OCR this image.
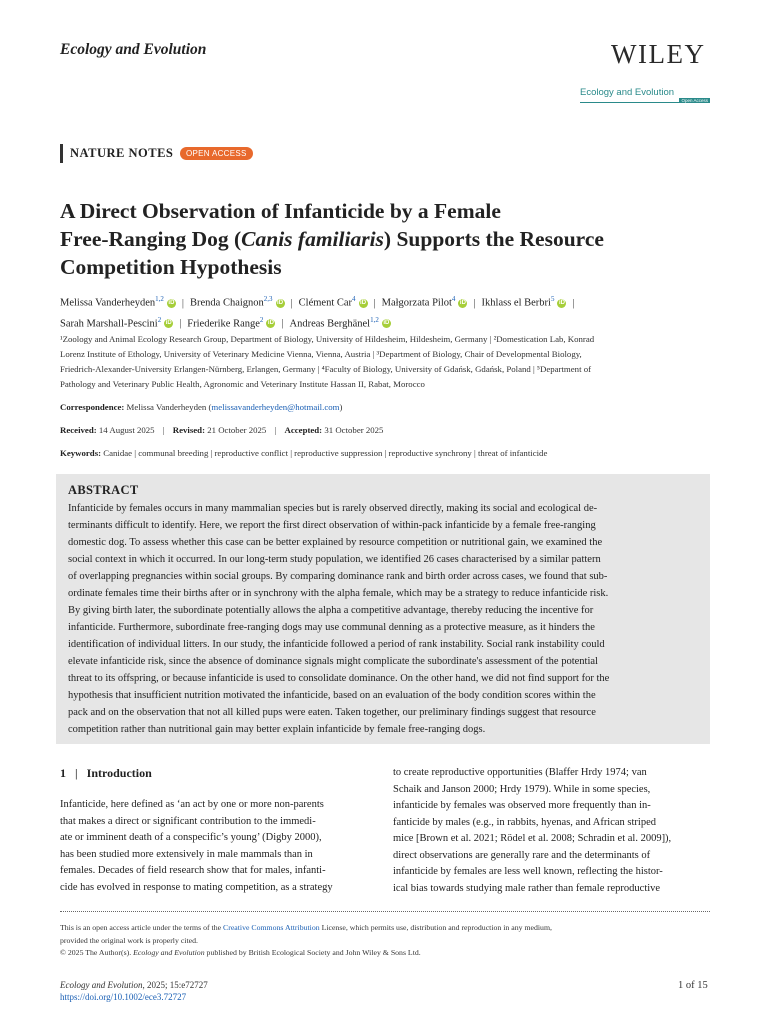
Ecology and Evolution	WILEY
Ecology and Evolution
Open Access
NATURE NOTES	OPEN ACCESS
A Direct Observation of Infanticide by a Female
Free-Ranging Dog (Canis familiaris) Supports the Resource
Competition Hypothesis
Melissa Vanderheyden$^{1,2}$ iD | Brenda Chaignon$^{2,3}$ iD | Clément Car$^4$ iD | Małgorzata Pilot$^4$ iD | Ikhlass el Berbri$^5$ iD |
Sarah Marshall-Pescini$^2$ iD | Friederike Range$^2$ iD | Andreas Berghänel$^{1,2}$ iD
¹Zoology and Animal Ecology Research Group, Department of Biology, University of Hildesheim, Hildesheim, Germany | ²Domestication Lab, Konrad
Lorenz Institute of Ethology, University of Veterinary Medicine Vienna, Vienna, Austria | ³Department of Biology, Chair of Developmental Biology,
Friedrich-Alexander-University Erlangen-Nürnberg, Erlangen, Germany | ⁴Faculty of Biology, University of Gdańsk, Gdańsk, Poland | ⁵Department of
Pathology and Veterinary Public Health, Agronomic and Veterinary Institute Hassan II, Rabat, Morocco
Correspondence: Melissa Vanderheyden (melissavanderheyden@hotmail.com)
Received: 14 August 2025 | Revised: 21 October 2025 | Accepted: 31 October 2025
Keywords: Canidae | communal breeding | reproductive conflict | reproductive suppression | reproductive synchrony | threat of infanticide
ABSTRACT
Infanticide by females occurs in many mammalian species but is rarely observed directly, making its social and ecological de-
terminants difficult to identify. Here, we report the first direct observation of within-pack infanticide by a female free-ranging
domestic dog. To assess whether this case can be better explained by resource competition or nutritional gain, we examined the
social context in which it occurred. In our long-term study population, we identified 26 cases characterised by a similar pattern
of overlapping pregnancies within social groups. By comparing dominance rank and birth order across cases, we found that sub-
ordinate females time their births after or in synchrony with the alpha female, which may be a strategy to reduce infanticide risk.
By giving birth later, the subordinate potentially allows the alpha a competitive advantage, thereby reducing the incentive for
infanticide. Furthermore, subordinate free-ranging dogs may use communal denning as a protective measure, as it hinders the
identification of individual litters. In our study, the infanticide followed a period of rank instability. Social rank instability could
elevate infanticide risk, since the absence of dominance signals might complicate the subordinate's assessment of the potential
threat to its offspring, or because infanticide is used to consolidate dominance. On the other hand, we did not find support for the
hypothesis that insufficient nutrition motivated the infanticide, based on an evaluation of the body condition scores within the
pack and on the observation that not all killed pups were eaten. Taken together, our preliminary findings suggest that resource
competition rather than nutritional gain may better explain infanticide by female free-ranging dogs.
1 | Introduction
Infanticide, here defined as ‘an act by one or more non-parents
that makes a direct or significant contribution to the immedi-
ate or imminent death of a conspecific’s young’ (Digby 2000),
has been studied more extensively in male mammals than in
females. Decades of field research show that for males, infanti-
cide has evolved in response to mating competition, as a strategy
to create reproductive opportunities (Blaffer Hrdy 1974; van
Schaik and Janson 2000; Hrdy 1979). While in some species,
infanticide by females was observed more frequently than in-
fanticide by males (e.g., in rabbits, hyenas, and African striped
mice [Brown et al. 2021; Rödel et al. 2008; Schradin et al. 2009]),
direct observations are generally rare and the determinants of
infanticide by females are less well known, reflecting the histor-
ical bias towards studying male rather than female reproductive
This is an open access article under the terms of the Creative Commons Attribution License, which permits use, distribution and reproduction in any medium,
provided the original work is properly cited.
© 2025 The Author(s). Ecology and Evolution published by British Ecological Society and John Wiley & Sons Ltd.
Ecology and Evolution, 2025; 15:e72727
https://doi.org/10.1002/ece3.72727
1 of 15
